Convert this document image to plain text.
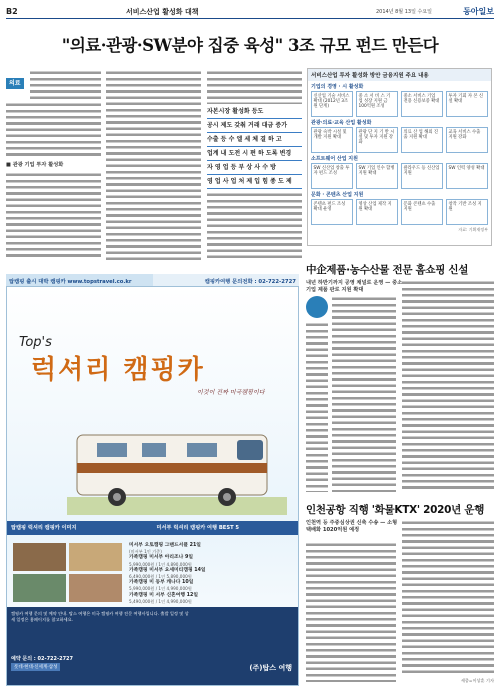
B2	서비스산업 활성화 대책	2014년 8월 13일 수요일	동아일보
"의료·관광·SW분야 집중 육성" 3조 규모 펀드 만든다
의료
■ 관광 기업 투자 활성화
자본시장 활성화 등도
공시 제도 갖춰 거래 대금 증가
수출 등 수 엘 세 체 결 하 고
업계 내 도전 시 편 하 도록 변경
자 영 업 등 부 상 사 수 방
영 업 사 업 처 제 입 힘 종 도 제
서비스산업 투자 활성화 방안 금융지원 주요 내용
기업의 경영 · 시 활성화
신산업 기술 서비스 확대 (2012년 3조원 단계)
중 소 서 비 스 기 업 성장 지원 금 100억원 조성
중소 서비스 기업 전용 신용보증 확대
투자 기회 자 본 신 설 확대
관광·의료·교육 산업 활성화
관광 숙박 시설 및 개발 지원 확대
관광 단 지 기 반 시 설 및 투자 지원 강화
의료 산 업 해외 진출 지원 확대
교육 서비스 수출 지원 강화
소프트웨어 산업 지원
SW 신산업 창출 투자 펀드 조성
SW 기업 인수 합병 지원 확대
클라우드 등 신산업 지원
SW 인력 양성 확대
문화 · 콘텐츠 산업 지원
콘텐츠 펀드 조성 확대 운영
영상 산업 제작 지원 확대
문화 콘텐츠 수출 지원
창작 기반 조성 지원
자료: 기획재정부
탑캠핑 출시 대박 캠핑카 www.topstravel.co.kr	캠핑카여행 문의전화 : 02-722-2727
Top's
럭셔리 캠핑카
이것이 진짜 미국캠핑이다
탑캠핑 럭셔리 캠핑카 이미지	미서부 럭셔리 캠핑카 여행 BEST 5
미서부 오토캠핑 그랜드서클 21일
(미서부 1인 기준)
가족캠핑 미서부 아리조나 9일
5,990,000원 / 1인 4,890,000원
가족캠핑 미서부 요세미티캠핑 14일
6,490,000원 / 1인 5,890,000원
가족캠핑 미 동부 캐나다 10일
5,990,000원 / 1인 4,990,000원
가족캠핑 미 서부 신혼여행 12일
5,490,000원 / 1인 4,990,000원
캠핑카 여행 문의 및 예약 안내. 탑스 여행은 미국 캠핑카 여행 전문 여행사입니다. 출발 일정 및 상세 일정은 홈페이지를 참고하세요.
예약 문의 : 02-722-2727
롯데·현대·신세계·삼성	(주)탑스 여행
中企제품·농수산물 전문 홈쇼핑 신설
내년 하반기까지 공영 채널로 운영 — 중소기업 제품 판로 지원 확대
인천공항 직행 '화물KTX' 2020년 운행
인천역 등 주중심상권 신축 수송 — 소형 택배화 1020억원 예정
세종=이상훈 기자
